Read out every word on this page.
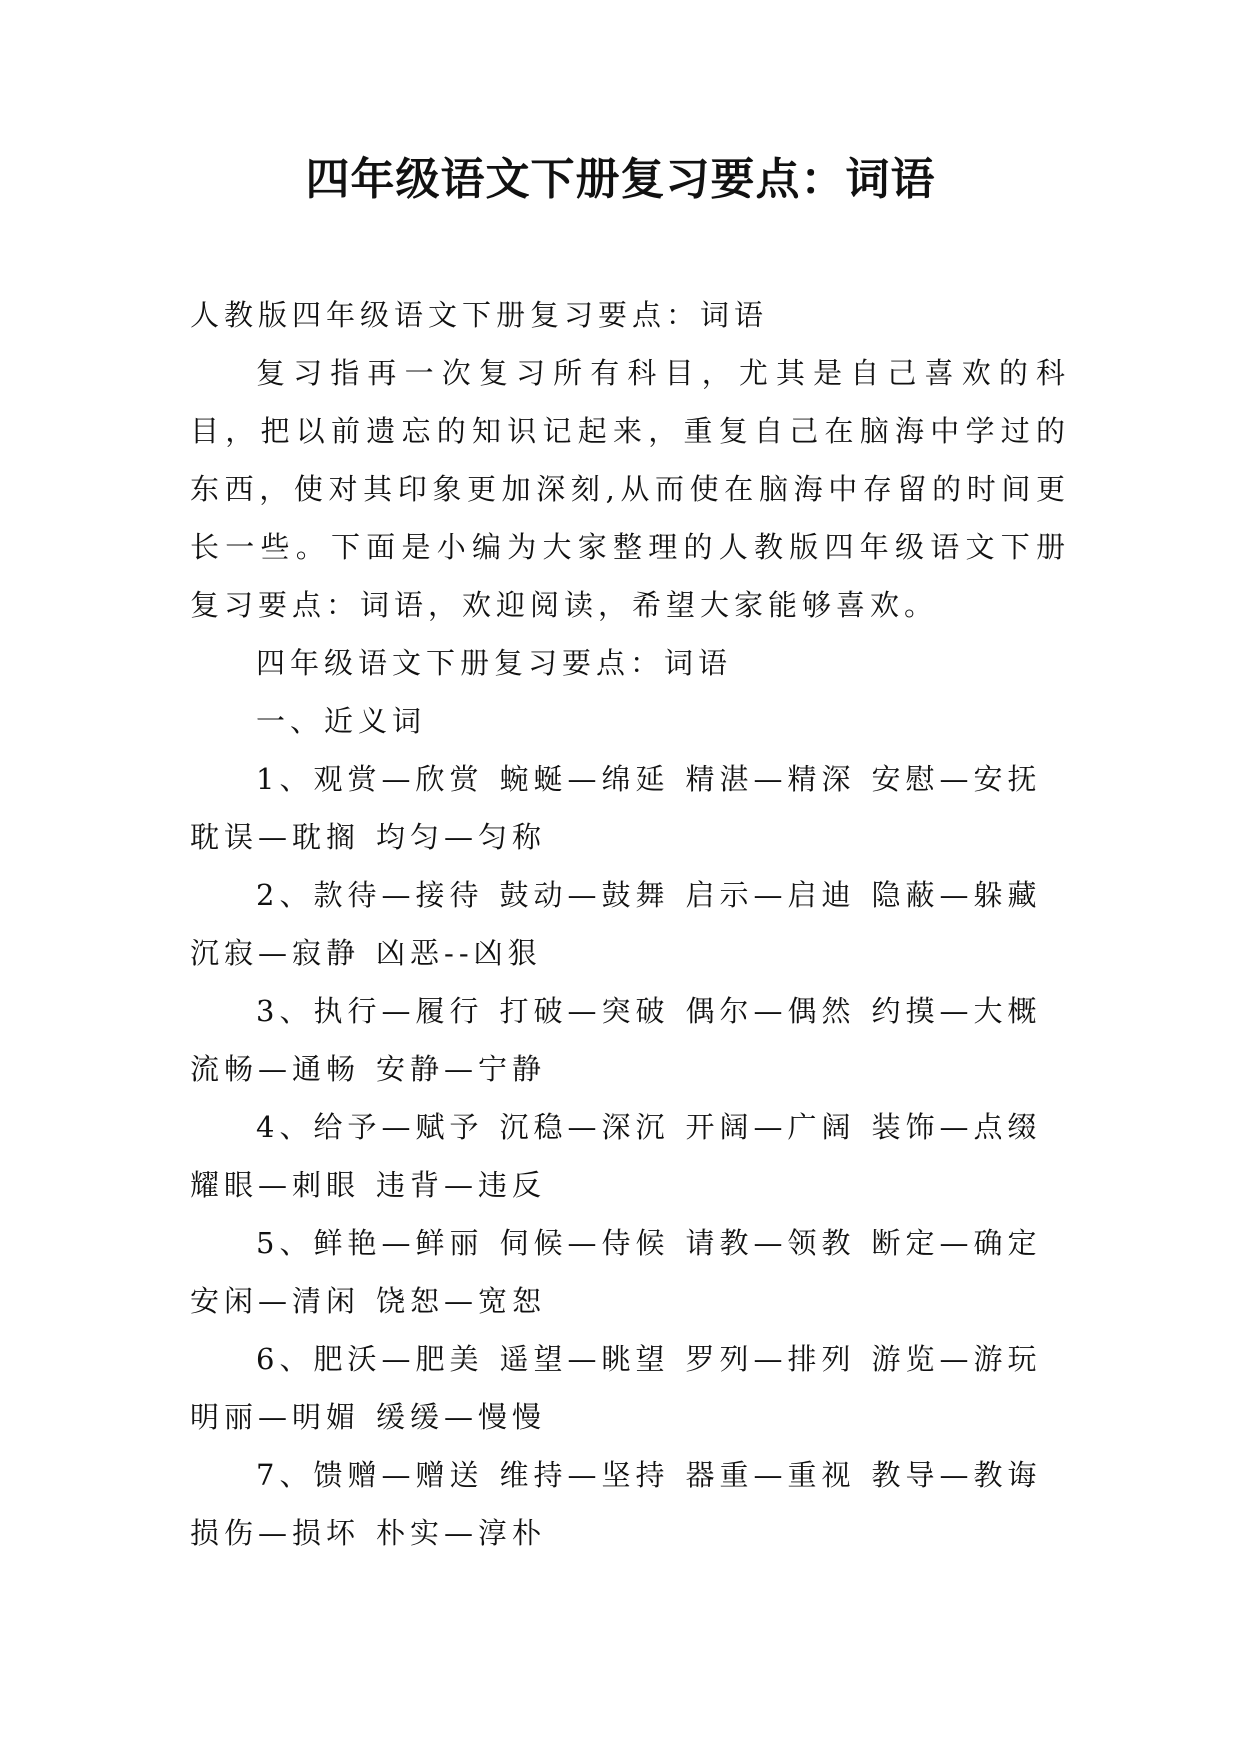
四年级语文下册复习要点：词语

人教版四年级语文下册复习要点：词语

复习指再一次复习所有科目，尤其是自己喜欢的科目，把以前遗忘的知识记起来，重复自己在脑海中学过的东西，使对其印象更加深刻,从而使在脑海中存留的时间更长一些。下面是小编为大家整理的人教版四年级语文下册复习要点：词语，欢迎阅读，希望大家能够喜欢。

四年级语文下册复习要点：词语

一、近义词

1、观赏—欣赏 蜿蜒—绵延 精湛—精深 安慰—安抚
耽误—耽搁 均匀—匀称
2、款待—接待 鼓动—鼓舞 启示—启迪 隐蔽—躲藏
沉寂—寂静 凶恶--凶狠
3、执行—履行 打破—突破 偶尔—偶然 约摸—大概
流畅—通畅 安静—宁静
4、给予—赋予 沉稳—深沉 开阔—广阔 装饰—点缀
耀眼—刺眼 违背—违反
5、鲜艳—鲜丽 伺候—侍候 请教—领教 断定—确定
安闲—清闲 饶恕—宽恕
6、肥沃—肥美 遥望—眺望 罗列—排列 游览—游玩
明丽—明媚 缓缓—慢慢
7、馈赠—赠送 维持—坚持 器重—重视 教导—教诲
损伤—损坏 朴实—淳朴
